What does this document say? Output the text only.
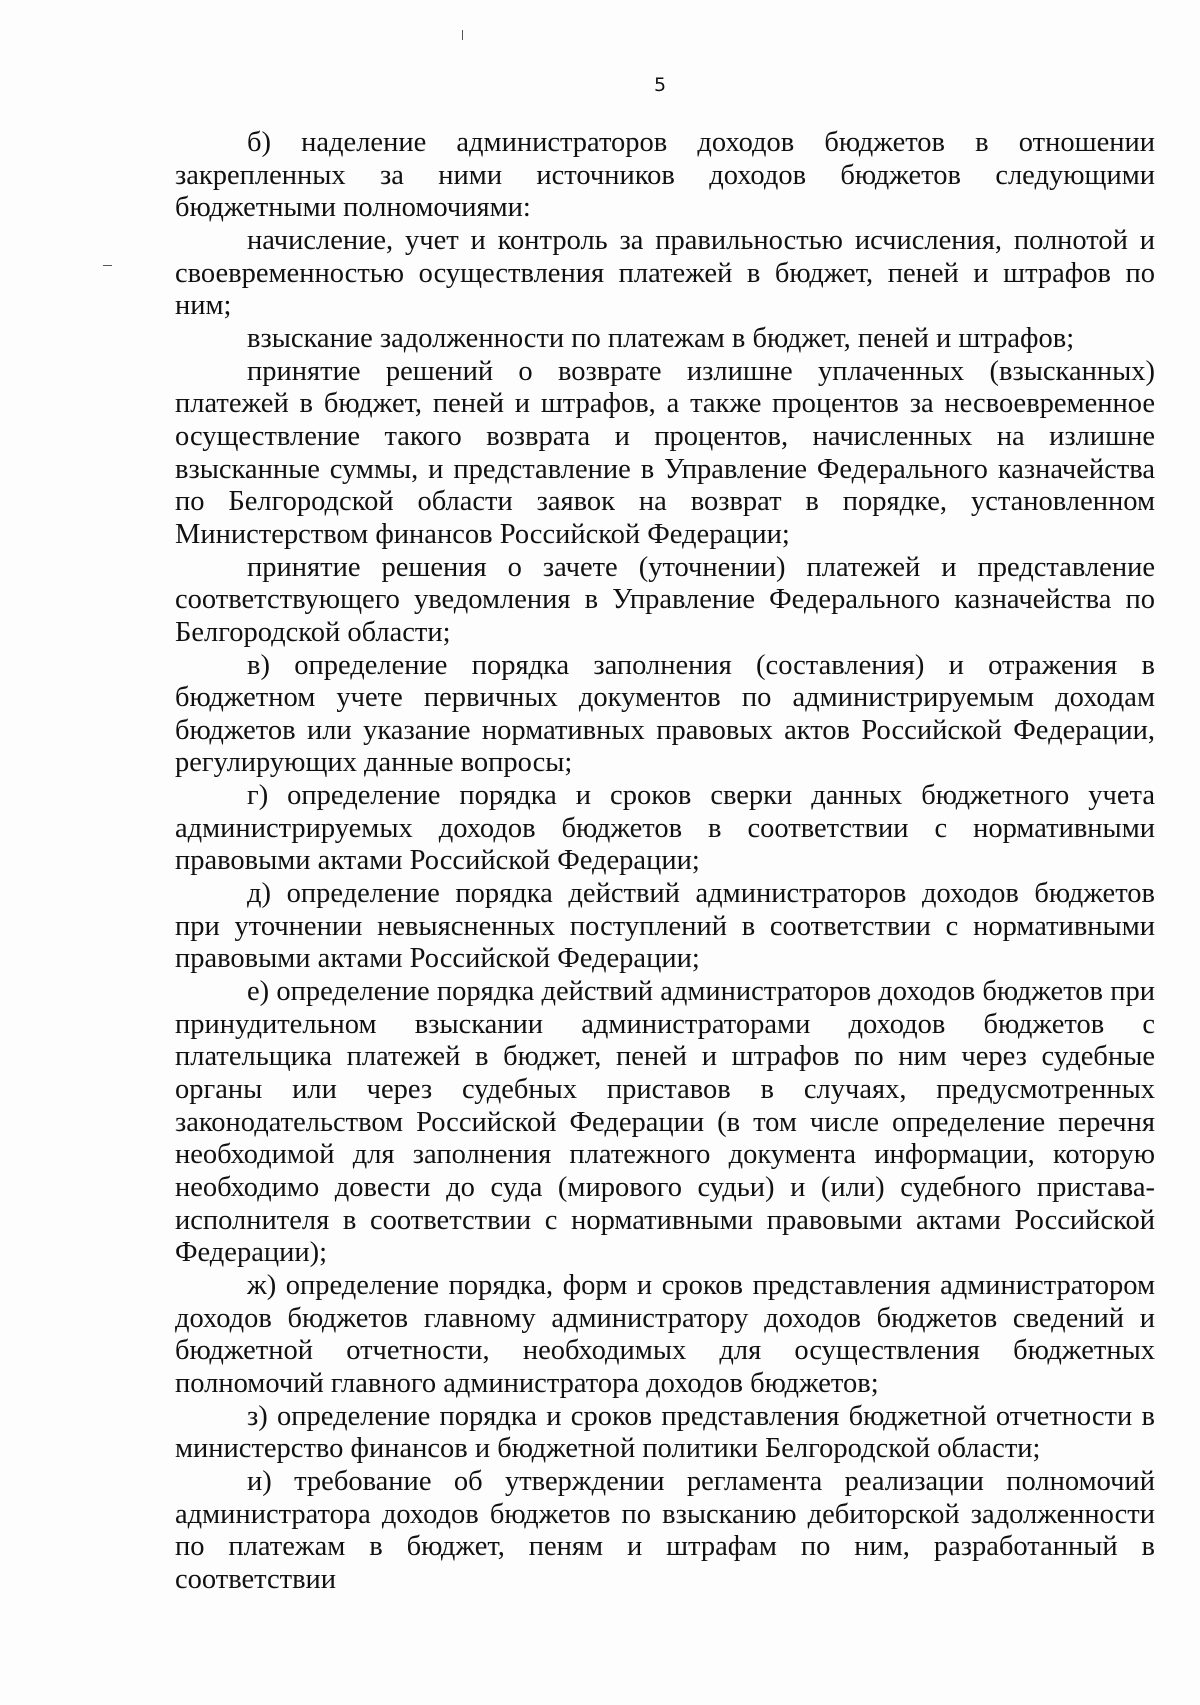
5

б) наделение администраторов доходов бюджетов в отношении закрепленных за ними источников доходов бюджетов следующими бюджетными полномочиями:

начисление, учет и контроль за правильностью исчисления, полнотой и своевременностью осуществления платежей в бюджет, пеней и штрафов по ним;

взыскание задолженности по платежам в бюджет, пеней и штрафов;

принятие решений о возврате излишне уплаченных (взысканных) платежей в бюджет, пеней и штрафов, а также процентов за несвоевременное осуществление такого возврата и процентов, начисленных на излишне взысканные суммы, и представление в Управление Федерального казначейства по Белгородской области заявок на возврат в порядке, установленном Министерством финансов Российской Федерации;

принятие решения о зачете (уточнении) платежей и представление соответствующего уведомления в Управление Федерального казначейства по Белгородской области;

в) определение порядка заполнения (составления) и отражения в бюджетном учете первичных документов по администрируемым доходам бюджетов или указание нормативных правовых актов Российской Федерации, регулирующих данные вопросы;

г) определение порядка и сроков сверки данных бюджетного учета администрируемых доходов бюджетов в соответствии с нормативными правовыми актами Российской Федерации;

д) определение порядка действий администраторов доходов бюджетов при уточнении невыясненных поступлений в соответствии с нормативными правовыми актами Российской Федерации;

е) определение порядка действий администраторов доходов бюджетов при принудительном взыскании администраторами доходов бюджетов с плательщика платежей в бюджет, пеней и штрафов по ним через судебные органы или через судебных приставов в случаях, предусмотренных законодательством Российской Федерации (в том числе определение перечня необходимой для заполнения платежного документа информации, которую необходимо довести до суда (мирового судьи) и (или) судебного пристава-исполнителя в соответствии с нормативными правовыми актами Российской Федерации);

ж) определение порядка, форм и сроков представления администратором доходов бюджетов главному администратору доходов бюджетов сведений и бюджетной отчетности, необходимых для осуществления бюджетных полномочий главного администратора доходов бюджетов;

з) определение порядка и сроков представления бюджетной отчетности в министерство финансов и бюджетной политики Белгородской области;

и) требование об утверждении регламента реализации полномочий администратора доходов бюджетов по взысканию дебиторской задолженности по платежам в бюджет, пеням и штрафам по ним, разработанный в соответствии
